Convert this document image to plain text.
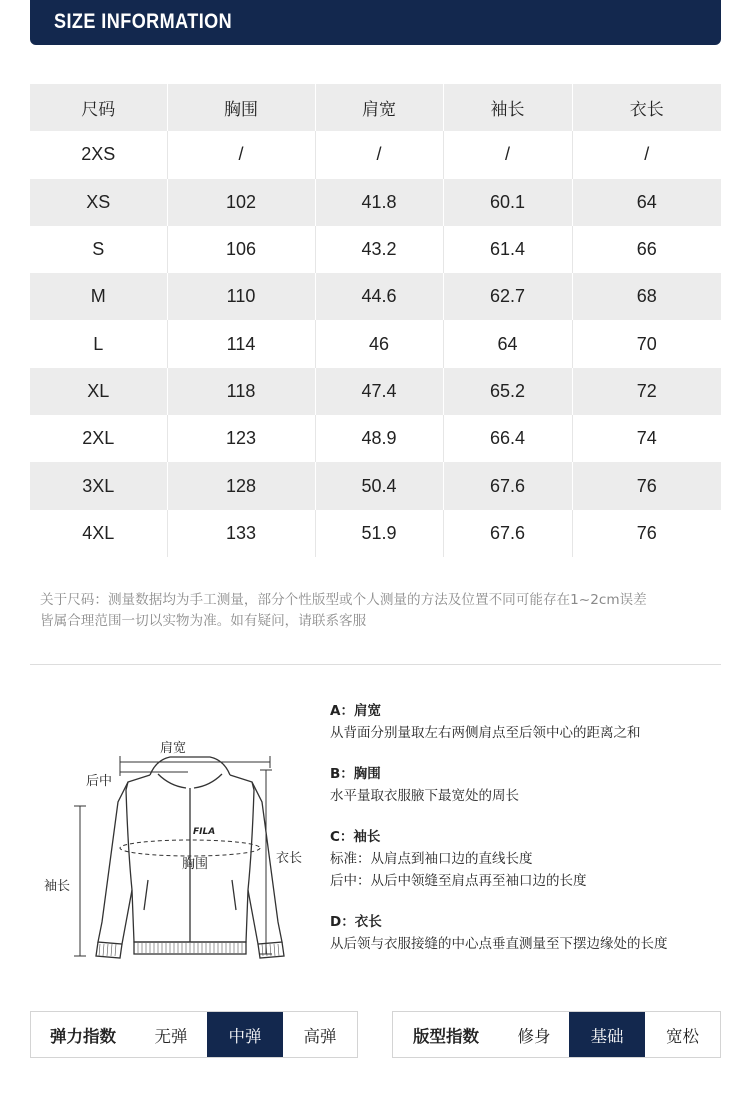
SIZE INFORMATION
尺码	胸围	肩宽	袖长	衣长
2XS	/	/	/	/
XS	102	41.8	60.1	64
S	106	43.2	61.4	66
M	110	44.6	62.7	68
L	114	46	64	70
XL	118	47.4	65.2	72
2XL	123	48.9	66.4	74
3XL	128	50.4	67.6	76
4XL	133	51.9	67.6	76
关于尺码：测量数据均为手工测量，部分个性版型或个人测量的方法及位置不同可能存在1~2cm误差
皆属合理范围一切以实物为准。如有疑问，请联系客服
FILA
肩宽
后中
胸围	衣长
袖长
A：肩宽
从背面分别量取左右两侧肩点至后领中心的距离之和
B：胸围
水平量取衣服腋下最宽处的周长
C：袖长
标准：从肩点到袖口边的直线长度
后中：从后中领缝至肩点再至袖口边的长度
D：衣长
从后领与衣服接缝的中心点垂直测量至下摆边缘处的长度
弹力指数	无弹	中弹	高弹	版型指数	修身	基础	宽松
